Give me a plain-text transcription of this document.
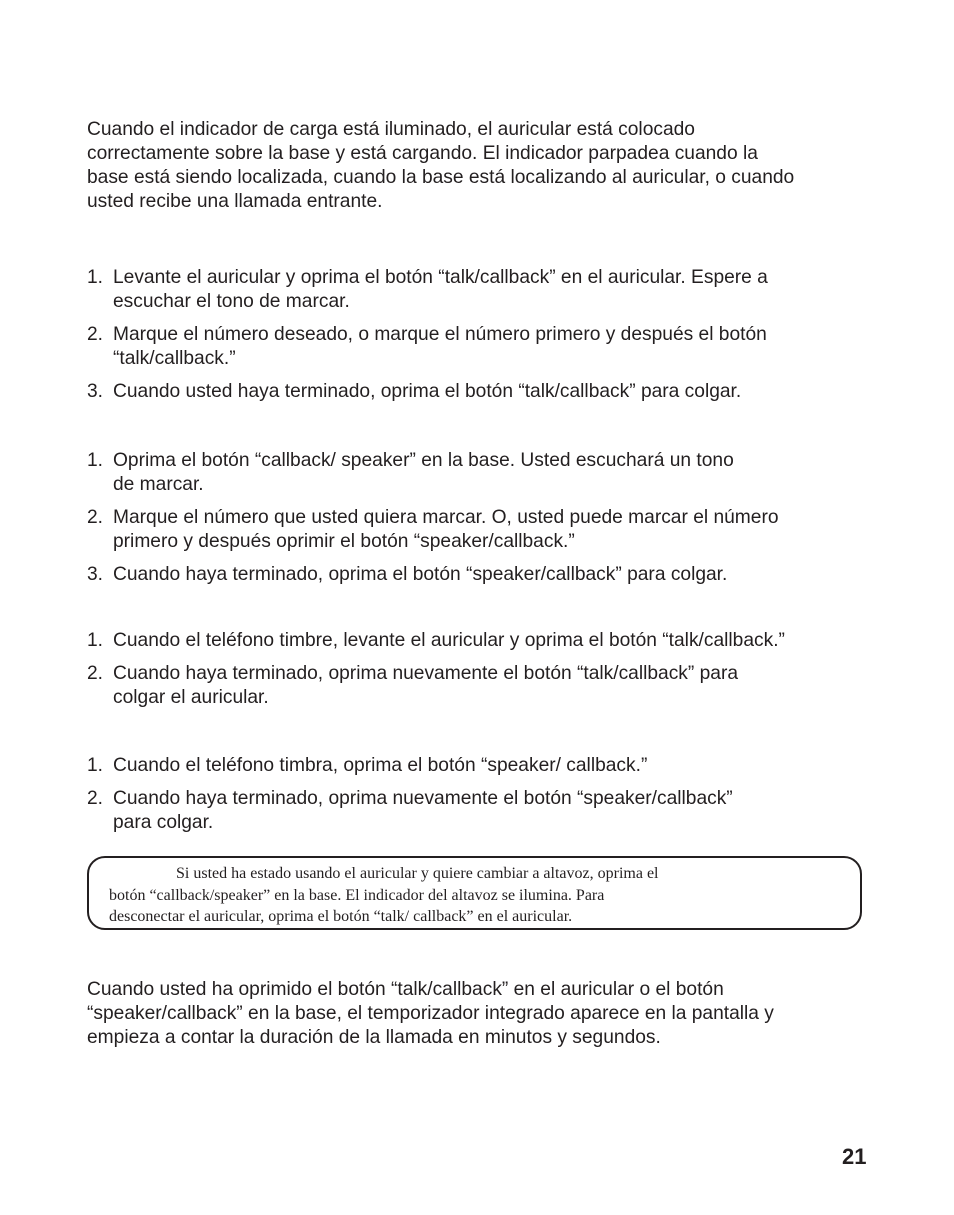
Cuando el indicador de carga está iluminado, el auricular está colocado
correctamente sobre la base y está cargando. El indicador parpadea cuando la
base está siendo localizada, cuando la base está localizando al auricular, o cuando
usted recibe una llamada entrante.
1. Levante el auricular y oprima el botón “talk/callback” en el auricular. Espere a
escuchar el tono de marcar.
2. Marque el número deseado, o marque el número primero y después el botón
“talk/callback.”
3. Cuando usted haya terminado, oprima el botón “talk/callback” para colgar.
1. Oprima el botón “callback/ speaker” en la base. Usted escuchará un tono
de marcar.
2. Marque el número que usted quiera marcar. O, usted puede marcar el número
primero y después oprimir el botón “speaker/callback.”
3. Cuando haya terminado, oprima el botón “speaker/callback” para colgar.
1. Cuando el teléfono timbre, levante el auricular y oprima el botón “talk/callback.”
2. Cuando haya terminado, oprima nuevamente el botón “talk/callback” para
colgar el auricular.
1. Cuando el teléfono timbra, oprima el botón “speaker/ callback.”
2. Cuando haya terminado, oprima nuevamente el botón “speaker/callback”
para colgar.

Si usted ha estado usando el auricular y quiere cambiar a altavoz, oprima el
botón “callback/speaker” en la base. El indicador del altavoz se ilumina. Para
desconectar el auricular, oprima el botón “talk/ callback” en el auricular.

Cuando usted ha oprimido el botón “talk/callback” en el auricular o el botón
“speaker/callback” en la base, el temporizador integrado aparece en la pantalla y
empieza a contar la duración de la llamada en minutos y segundos.
21
